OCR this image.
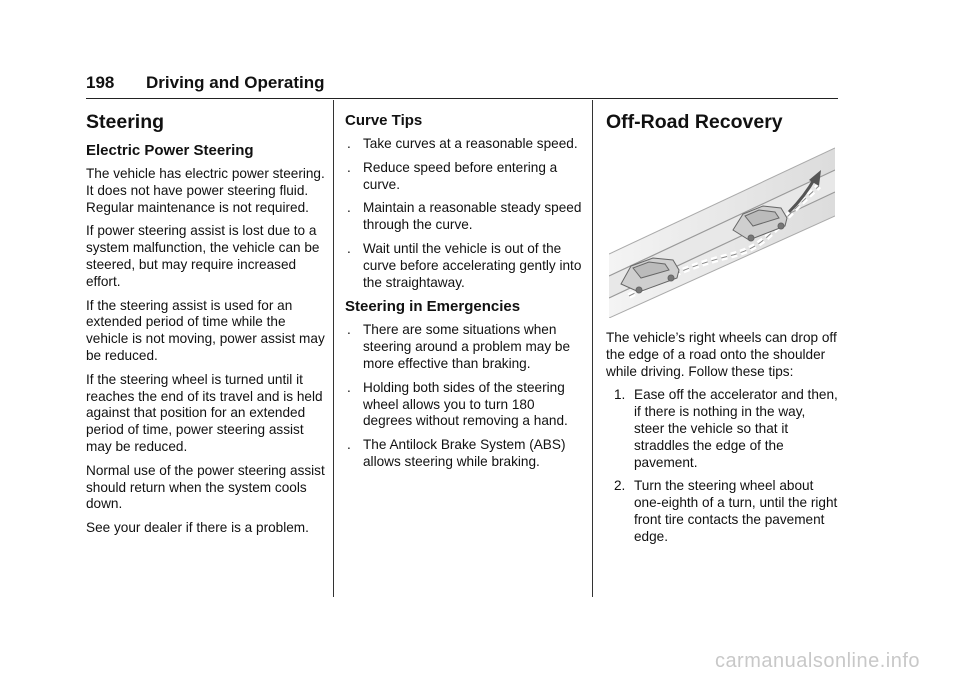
198 Driving and Operating
Steering
Electric Power Steering

The vehicle has electric power steering. It does not have power steering fluid. Regular maintenance is not required.

If power steering assist is lost due to a system malfunction, the vehicle can be steered, but may require increased effort.

If the steering assist is used for an extended period of time while the vehicle is not moving, power assist may be reduced.

If the steering wheel is turned until it reaches the end of its travel and is held against that position for an extended period of time, power steering assist may be reduced.

Normal use of the power steering assist should return when the system cools down.

See your dealer if there is a problem.

Curve Tips
. Take curves at a reasonable speed.
. Reduce speed before entering a curve.
. Maintain a reasonable steady speed through the curve.
. Wait until the vehicle is out of the curve before accelerating gently into the straightaway.
Steering in Emergencies
. There are some situations when steering around a problem may be more effective than braking.
. Holding both sides of the steering wheel allows you to turn 180 degrees without removing a hand.
. The Antilock Brake System (ABS) allows steering while braking.
Off-Road Recovery

The vehicle’s right wheels can drop off the edge of a road onto the shoulder while driving. Follow these tips:

1. Ease off the accelerator and then, if there is nothing in the way, steer the vehicle so that it straddles the edge of the pavement.
2. Turn the steering wheel about one-eighth of a turn, until the right front tire contacts the pavement edge.
carmanualsonline.info
